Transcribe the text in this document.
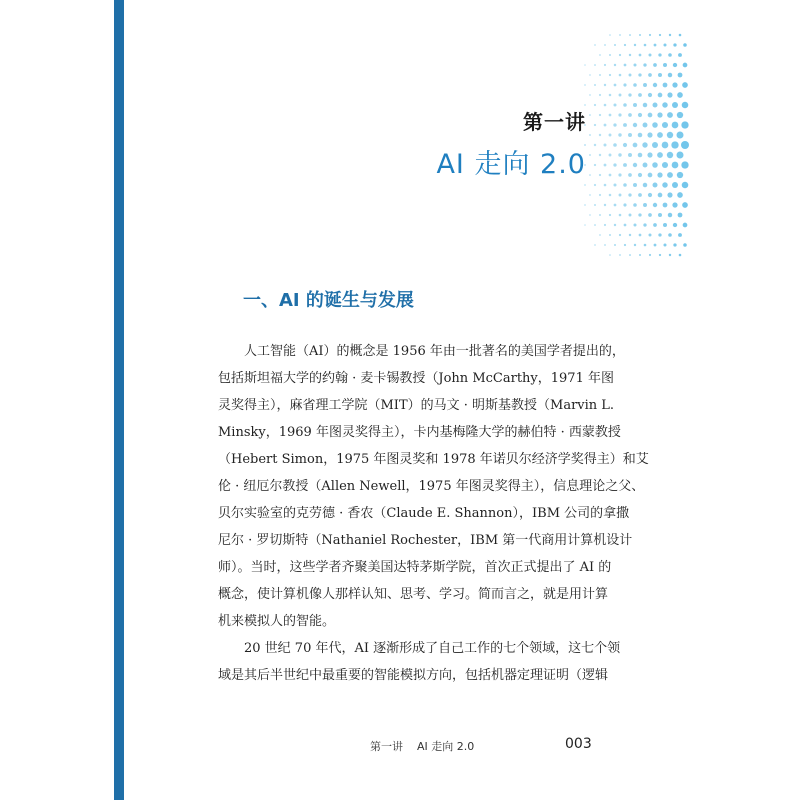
第一讲
AI 走向 2.0
一、AI 的诞生与发展

人工智能（AI）的概念是 1956 年由一批著名的美国学者提出的，
包括斯坦福大学的约翰 · 麦卡锡教授（John McCarthy，1971 年图
灵奖得主），麻省理工学院（MIT）的马文 · 明斯基教授（Marvin L.
Minsky，1969 年图灵奖得主），卡内基梅隆大学的赫伯特 · 西蒙教授
（Hebert Simon，1975 年图灵奖和 1978 年诺贝尔经济学奖得主）和艾
伦 · 纽厄尔教授（Allen Newell，1975 年图灵奖得主），信息理论之父、
贝尔实验室的克劳德 · 香农（Claude E. Shannon），IBM 公司的拿撒
尼尔 · 罗切斯特（Nathaniel Rochester，IBM 第一代商用计算机设计
师）。当时，这些学者齐聚美国达特茅斯学院，首次正式提出了 AI 的
概念，使计算机像人那样认知、思考、学习。简而言之，就是用计算
机来模拟人的智能。

20 世纪 70 年代，AI 逐渐形成了自己工作的七个领域，这七个领
域是其后半世纪中最重要的智能模拟方向，包括机器定理证明（逻辑

第一讲    AI 走向 2.0	003
